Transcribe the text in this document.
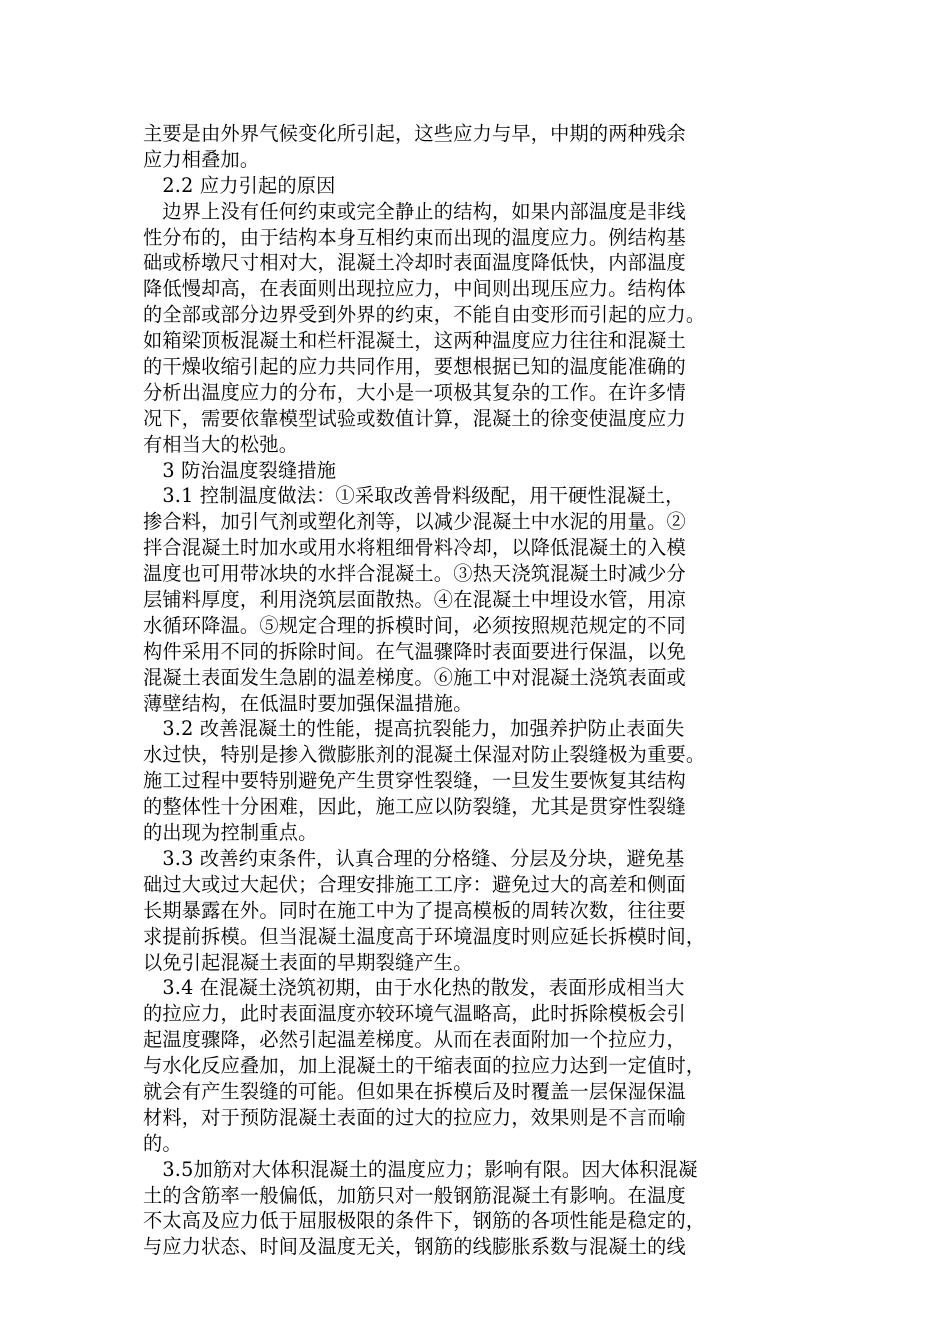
主要是由外界气候变化所引起，这些应力与早，中期的两种残余
应力相叠加。
　2.2 应力引起的原因
　边界上没有任何约束或完全静止的结构，如果内部温度是非线
性分布的，由于结构本身互相约束而出现的温度应力。例结构基
础或桥墩尺寸相对大，混凝土冷却时表面温度降低快，内部温度
降低慢却高，在表面则出现拉应力，中间则出现压应力。结构体
的全部或部分边界受到外界的约束，不能自由变形而引起的应力。
如箱梁顶板混凝土和栏杆混凝土，这两种温度应力往往和混凝土
的干燥收缩引起的应力共同作用，要想根据已知的温度能准确的
分析出温度应力的分布，大小是一项极其复杂的工作。在许多情
况下，需要依靠模型试验或数值计算，混凝土的徐变使温度应力
有相当大的松弛。
　3 防治温度裂缝措施
　3.1 控制温度做法：①采取改善骨料级配，用干硬性混凝土，
掺合料，加引气剂或塑化剂等，以减少混凝土中水泥的用量。②
拌合混凝土时加水或用水将粗细骨料冷却，以降低混凝土的入模
温度也可用带冰块的水拌合混凝土。③热天浇筑混凝土时减少分
层铺料厚度，利用浇筑层面散热。④在混凝土中埋设水管，用凉
水循环降温。⑤规定合理的拆模时间，必须按照规范规定的不同
构件采用不同的拆除时间。在气温骤降时表面要进行保温，以免
混凝土表面发生急剧的温差梯度。⑥施工中对混凝土浇筑表面或
薄壁结构，在低温时要加强保温措施。
　3.2 改善混凝土的性能，提高抗裂能力，加强养护防止表面失
水过快，特别是掺入微膨胀剂的混凝土保湿对防止裂缝极为重要。
施工过程中要特别避免产生贯穿性裂缝，一旦发生要恢复其结构
的整体性十分困难，因此，施工应以防裂缝，尤其是贯穿性裂缝
的出现为控制重点。
　3.3 改善约束条件，认真合理的分格缝、分层及分块，避免基
础过大或过大起伏；合理安排施工工序：避免过大的高差和侧面
长期暴露在外。同时在施工中为了提高模板的周转次数，往往要
求提前拆模。但当混凝土温度高于环境温度时则应延长拆模时间，
以免引起混凝土表面的早期裂缝产生。
　3.4 在混凝土浇筑初期，由于水化热的散发，表面形成相当大
的拉应力，此时表面温度亦较环境气温略高，此时拆除模板会引
起温度骤降，必然引起温差梯度。从而在表面附加一个拉应力，
与水化反应叠加，加上混凝土的干缩表面的拉应力达到一定值时，
就会有产生裂缝的可能。但如果在拆模后及时覆盖一层保湿保温
材料，对于预防混凝土表面的过大的拉应力，效果则是不言而喻
的。
　3.5加筋对大体积混凝土的温度应力；影响有限。因大体积混凝
土的含筋率一般偏低，加筋只对一般钢筋混凝土有影响。在温度
不太高及应力低于屈服极限的条件下，钢筋的各项性能是稳定的，
与应力状态、时间及温度无关，钢筋的线膨胀系数与混凝土的线
